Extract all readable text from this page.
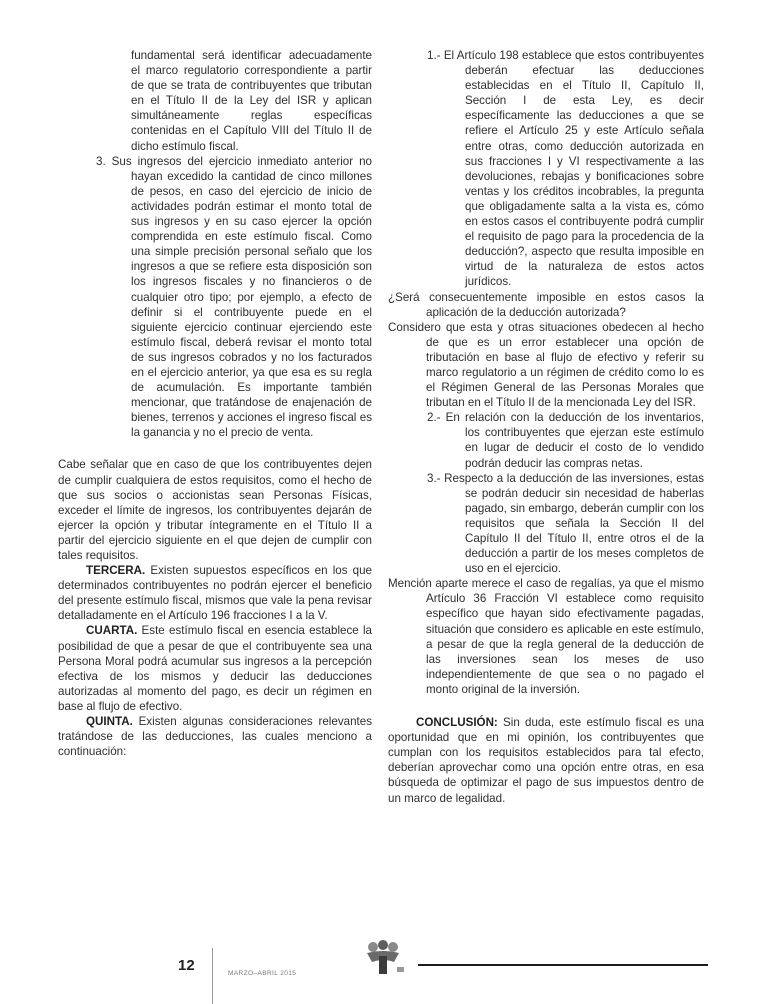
fundamental será identificar adecuadamente el marco regulatorio correspondiente a partir de que se trata de contribuyentes que tributan en el Título II de la Ley del ISR y aplican simultáneamente reglas específicas contenidas en el Capítulo VIII del Título II de dicho estímulo fiscal.

3. Sus ingresos del ejercicio inmediato anterior no hayan excedido la cantidad de cinco millones de pesos, en caso del ejercicio de inicio de actividades podrán estimar el monto total de sus ingresos y en su caso ejercer la opción comprendida en este estímulo fiscal. Como una simple precisión personal señalo que los ingresos a que se refiere esta disposición son los ingresos fiscales y no financieros o de cualquier otro tipo; por ejemplo, a efecto de definir si el contribuyente puede en el siguiente ejercicio continuar ejerciendo este estímulo fiscal, deberá revisar el monto total de sus ingresos cobrados y no los facturados en el ejercicio anterior, ya que esa es su regla de acumulación. Es importante también mencionar, que tratándose de enajenación de bienes, terrenos y acciones el ingreso fiscal es la ganancia y no el precio de venta.

Cabe señalar que en caso de que los contribuyentes dejen de cumplir cualquiera de estos requisitos, como el hecho de que sus socios o accionistas sean Personas Físicas, exceder el límite de ingresos, los contribuyentes dejarán de ejercer la opción y tributar íntegramente en el Título II a partir del ejercicio siguiente en el que dejen de cumplir con tales requisitos.

TERCERA. Existen supuestos específicos en los que determinados contribuyentes no podrán ejercer el beneficio del presente estímulo fiscal, mismos que vale la pena revisar detalladamente en el Artículo 196 fracciones I a la V.

CUARTA. Este estímulo fiscal en esencia establece la posibilidad de que a pesar de que el contribuyente sea una Persona Moral podrá acumular sus ingresos a la percepción efectiva de los mismos y deducir las deducciones autorizadas al momento del pago, es decir un régimen en base al flujo de efectivo.

QUINTA. Existen algunas consideraciones relevantes tratándose de las deducciones, las cuales menciono a continuación:

1.- El Artículo 198 establece que estos contribuyentes deberán efectuar las deducciones establecidas en el Título II, Capítulo II, Sección I de esta Ley, es decir específicamente las deducciones a que se refiere el Artículo 25 y este Artículo señala entre otras, como deducción autorizada en sus fracciones I y VI respectivamente a las devoluciones, rebajas y bonificaciones sobre ventas y los créditos incobrables, la pregunta que obligadamente salta a la vista es, cómo en estos casos el contribuyente podrá cumplir el requisito de pago para la procedencia de la deducción?, aspecto que resulta imposible en virtud de la naturaleza de estos actos jurídicos.

¿Será consecuentemente imposible en estos casos la aplicación de la deducción autorizada?

Considero que esta y otras situaciones obedecen al hecho de que es un error establecer una opción de tributación en base al flujo de efectivo y referir su marco regulatorio a un régimen de crédito como lo es el Régimen General de las Personas Morales que tributan en el Título II de la mencionada Ley del ISR.

2.- En relación con la deducción de los inventarios, los contribuyentes que ejerzan este estímulo en lugar de deducir el costo de lo vendido podrán deducir las compras netas.

3.- Respecto a la deducción de las inversiones, estas se podrán deducir sin necesidad de haberlas pagado, sin embargo, deberán cumplir con los requisitos que señala la Sección II del Capítulo II del Título II, entre otros el de la deducción a partir de los meses completos de uso en el ejercicio.

Mención aparte merece el caso de regalías, ya que el mismo Artículo 36 Fracción VI establece como requisito específico que hayan sido efectivamente pagadas, situación que considero es aplicable en este estímulo, a pesar de que la regla general de la deducción de las inversiones sean los meses de uso independientemente de que sea o no pagado el monto original de la inversión.

CONCLUSIÓN: Sin duda, este estímulo fiscal es una oportunidad que en mi opinión, los contribuyentes que cumplan con los requisitos establecidos para tal efecto, deberían aprovechar como una opción entre otras, en esa búsqueda de optimizar el pago de sus impuestos dentro de un marco de legalidad.

12	MARZO–ABRIL 2015
